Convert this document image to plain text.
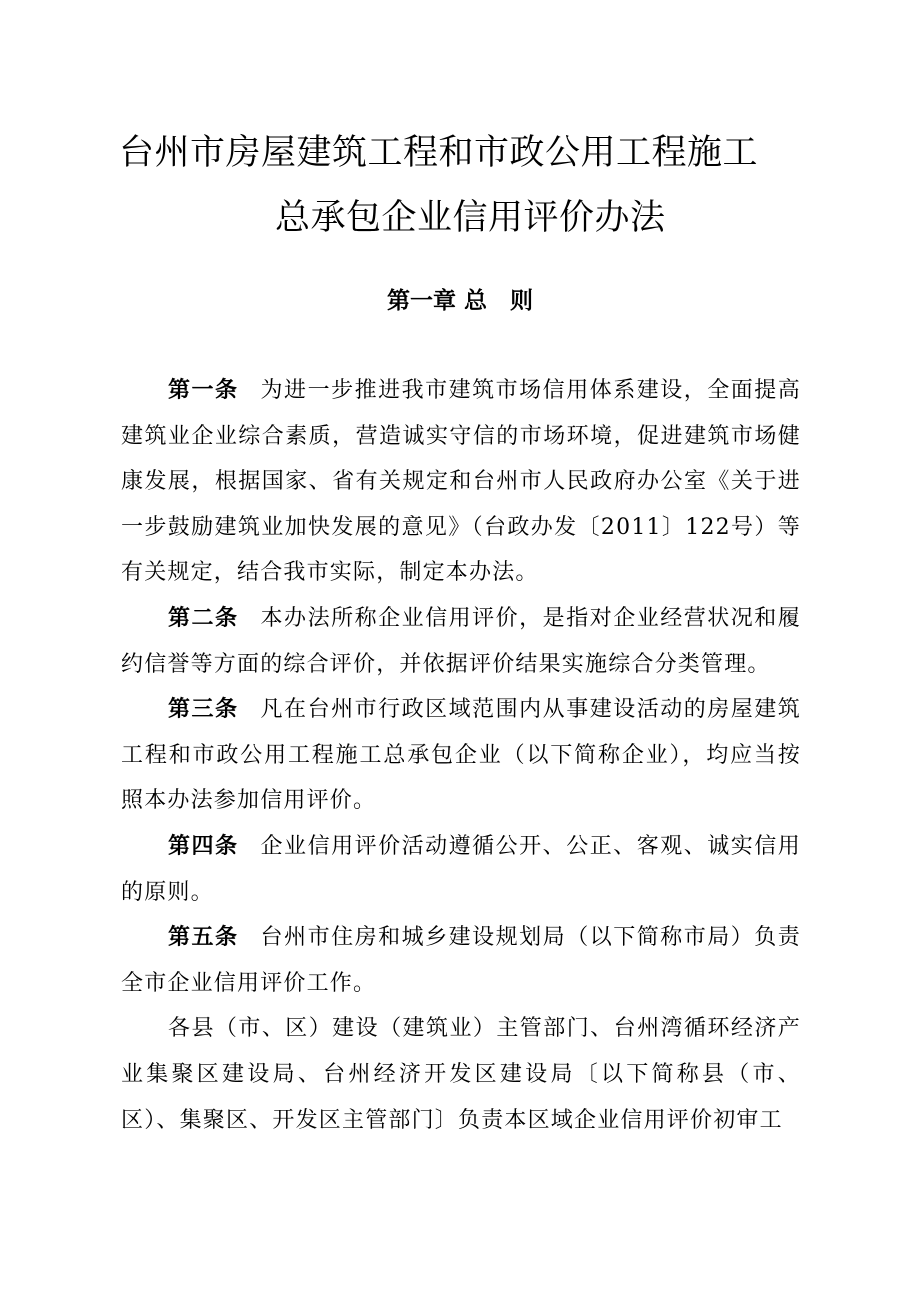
台州市房屋建筑工程和市政公用工程施工
总承包企业信用评价办法
第一章 总　则

第一条 为进一步推进我市建筑市场信用体系建设，全面提高建筑业企业综合素质，营造诚实守信的市场环境，促进建筑市场健康发展，根据国家、省有关规定和台州市人民政府办公室《关于进一步鼓励建筑业加快发展的意见》（台政办发〔2011〕122号）等有关规定，结合我市实际，制定本办法。

第二条 本办法所称企业信用评价，是指对企业经营状况和履约信誉等方面的综合评价，并依据评价结果实施综合分类管理。

第三条 凡在台州市行政区域范围内从事建设活动的房屋建筑工程和市政公用工程施工总承包企业（以下简称企业），均应当按照本办法参加信用评价。

第四条 企业信用评价活动遵循公开、公正、客观、诚实信用的原则。

第五条 台州市住房和城乡建设规划局（以下简称市局）负责全市企业信用评价工作。

各县（市、区）建设（建筑业）主管部门、台州湾循环经济产业集聚区建设局、台州经济开发区建设局〔以下简称县（市、区）、集聚区、开发区主管部门〕负责本区域企业信用评价初审工
